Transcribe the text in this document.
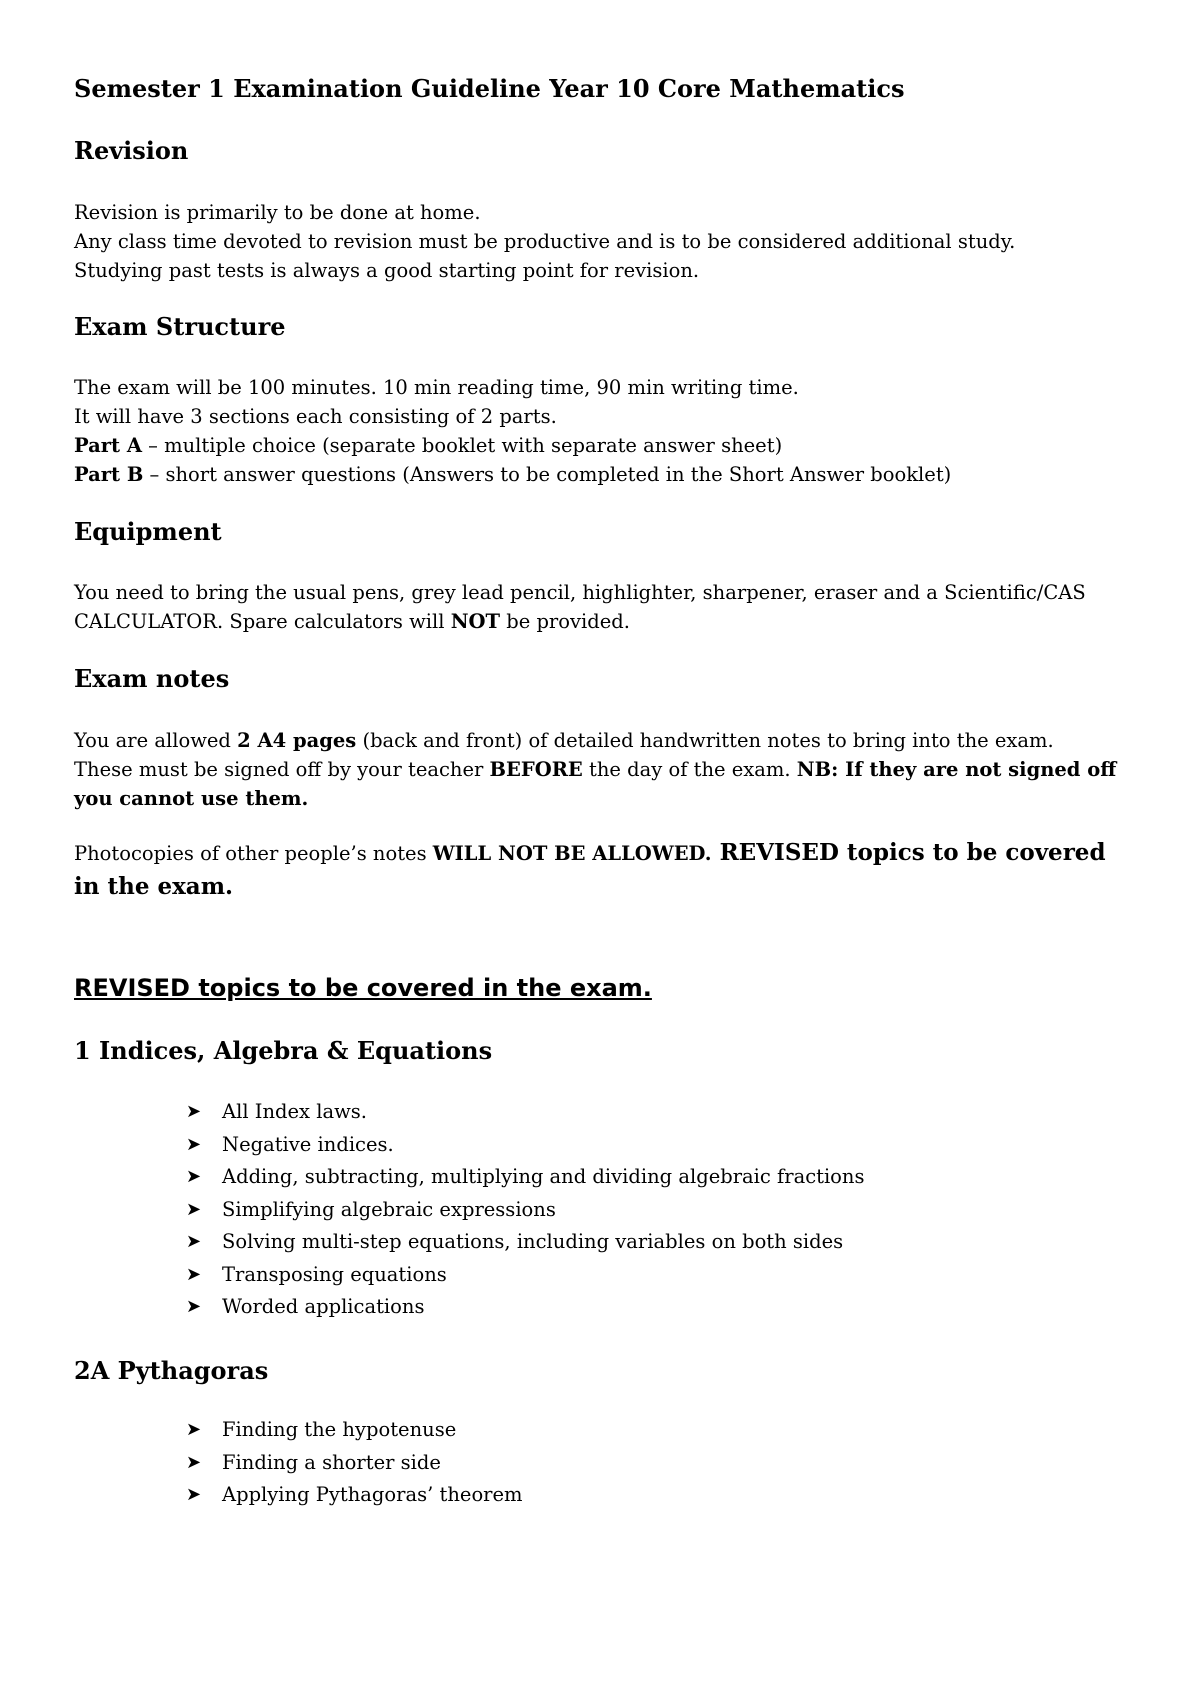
Semester 1 Examination Guideline Year 10 Core Mathematics
Revision
Revision is primarily to be done at home.
Any class time devoted to revision must be productive and is to be considered additional study.
Studying past tests is always a good starting point for revision.
Exam Structure
The exam will be 100 minutes. 10 min reading time, 90 min writing time.
It will have 3 sections each consisting of 2 parts.
Part A – multiple choice (separate booklet with separate answer sheet)
Part B – short answer questions (Answers to be completed in the Short Answer booklet)
Equipment
You need to bring the usual pens, grey lead pencil, highlighter, sharpener, eraser and a Scientific/CAS
CALCULATOR. Spare calculators will NOT be provided.
Exam notes
You are allowed 2 A4 pages (back and front) of detailed handwritten notes to bring into the exam.
These must be signed off by your teacher BEFORE the day of the exam. NB: If they are not signed off
you cannot use them.
Photocopies of other people’s notes WILL NOT BE ALLOWED. REVISED topics to be covered
in the exam.
REVISED topics to be covered in the exam.
1 Indices, Algebra & Equations
➤	All Index laws.
➤	Negative indices.
➤	Adding, subtracting, multiplying and dividing algebraic fractions
➤	Simplifying algebraic expressions
➤	Solving multi-step equations, including variables on both sides
➤	Transposing equations
➤	Worded applications
2A Pythagoras
➤	Finding the hypotenuse
➤	Finding a shorter side
➤	Applying Pythagoras’ theorem
